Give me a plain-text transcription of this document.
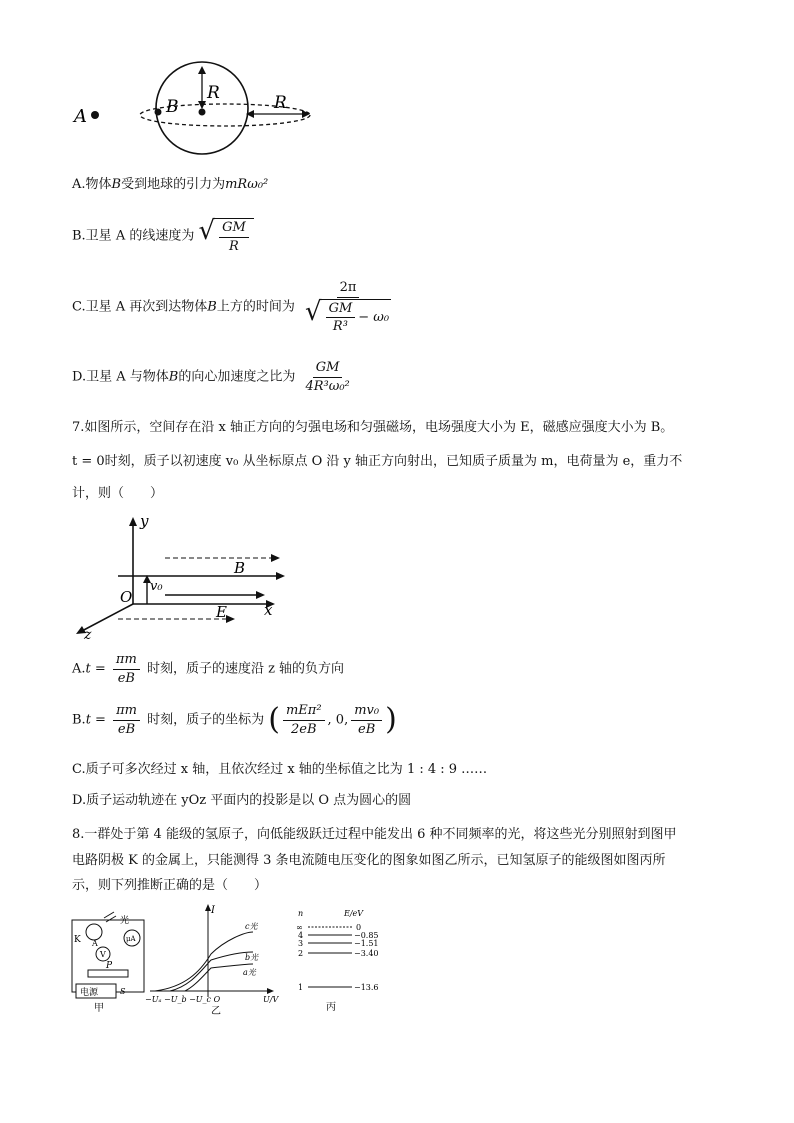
A	B
R	R
A.物体B受到地球的引力为mRω₀²
B.卫星 A 的线速度为 √ $\frac{GM}{R}$
C.卫星 A 再次到达物体B上方的时间为 $\frac{2\pi}{√ \frac{GM}{\text{R³}} - \omega_0}$
D.卫星 A 与物体B的向心加速度之比为 $\frac{GM}{\text{4R³ω₀²}}$
7.如图所示，空间存在沿 x 轴正方向的匀强电场和匀强磁场，电场强度大小为 E，磁感应强度大小为 B。
t = 0时刻，质子以初速度 v₀ 从坐标原点 O 沿 y 轴正方向射出，已知质子质量为 m，电荷量为 e，重力不
计，则（　　）
y
v₀
O
B
E x
z
$A.t = \frac{\pi m}{eB}$ 时刻，质子的速度沿 z 轴的负方向
$B.t = \frac{\pi m}{eB}$ 时刻，质子的坐标为 ( $\frac{\text{mEπ²}}{2eB}$ , 0, $\frac{\text{mv₀}}{eB}$ )
C.质子可多次经过 x 轴，且依次经过 x 轴的坐标值之比为 1 : 4 : 9 ……
D.质子运动轨迹在 yOz 平面内的投影是以 O 点为圆心的圆
8.一群处于第 4 能级的氢原子，向低能级跃迁过程中能发出 6 种不同频率的光，将这些光分别照射到图甲
电路阴极 K 的金属上，只能测得 3 条电流随电压变化的图象如图乙所示，已知氢原子的能级图如图丙所
示，则下列推断正确的是（　　）
K
光
A	μA
V
P
电源	S
甲
I
c光
b光
a光
−Uₐ −U_b −U_c O	U/V
乙
n	E/eV
∞	0
4	−0.85
3	−1.51
2	−3.40
1	−13.6
丙
